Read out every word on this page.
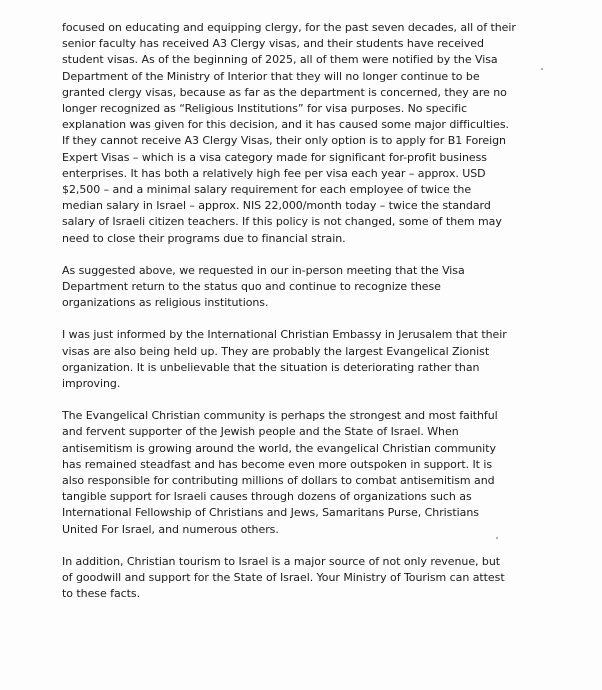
focused on educating and equipping clergy, for the past seven decades, all of their
senior faculty has received A3 Clergy visas, and their students have received
student visas. As of the beginning of 2025, all of them were notified by the Visa
Department of the Ministry of Interior that they will no longer continue to be
granted clergy visas, because as far as the department is concerned, they are no
longer recognized as “Religious Institutions” for visa purposes. No specific
explanation was given for this decision, and it has caused some major difficulties.
If they cannot receive A3 Clergy Visas, their only option is to apply for B1 Foreign
Expert Visas – which is a visa category made for significant for-profit business
enterprises. It has both a relatively high fee per visa each year – approx. USD
$2,500 – and a minimal salary requirement for each employee of twice the
median salary in Israel – approx. NIS 22,000/month today – twice the standard
salary of Israeli citizen teachers. If this policy is not changed, some of them may
need to close their programs due to financial strain.

As suggested above, we requested in our in-person meeting that the Visa
Department return to the status quo and continue to recognize these
organizations as religious institutions.

I was just informed by the International Christian Embassy in Jerusalem that their
visas are also being held up. They are probably the largest Evangelical Zionist
organization. It is unbelievable that the situation is deteriorating rather than
improving.

The Evangelical Christian community is perhaps the strongest and most faithful
and fervent supporter of the Jewish people and the State of Israel. When
antisemitism is growing around the world, the evangelical Christian community
has remained steadfast and has become even more outspoken in support. It is
also responsible for contributing millions of dollars to combat antisemitism and
tangible support for Israeli causes through dozens of organizations such as
International Fellowship of Christians and Jews, Samaritans Purse, Christians
United For Israel, and numerous others.

In addition, Christian tourism to Israel is a major source of not only revenue, but
of goodwill and support for the State of Israel. Your Ministry of Tourism can attest
to these facts.
